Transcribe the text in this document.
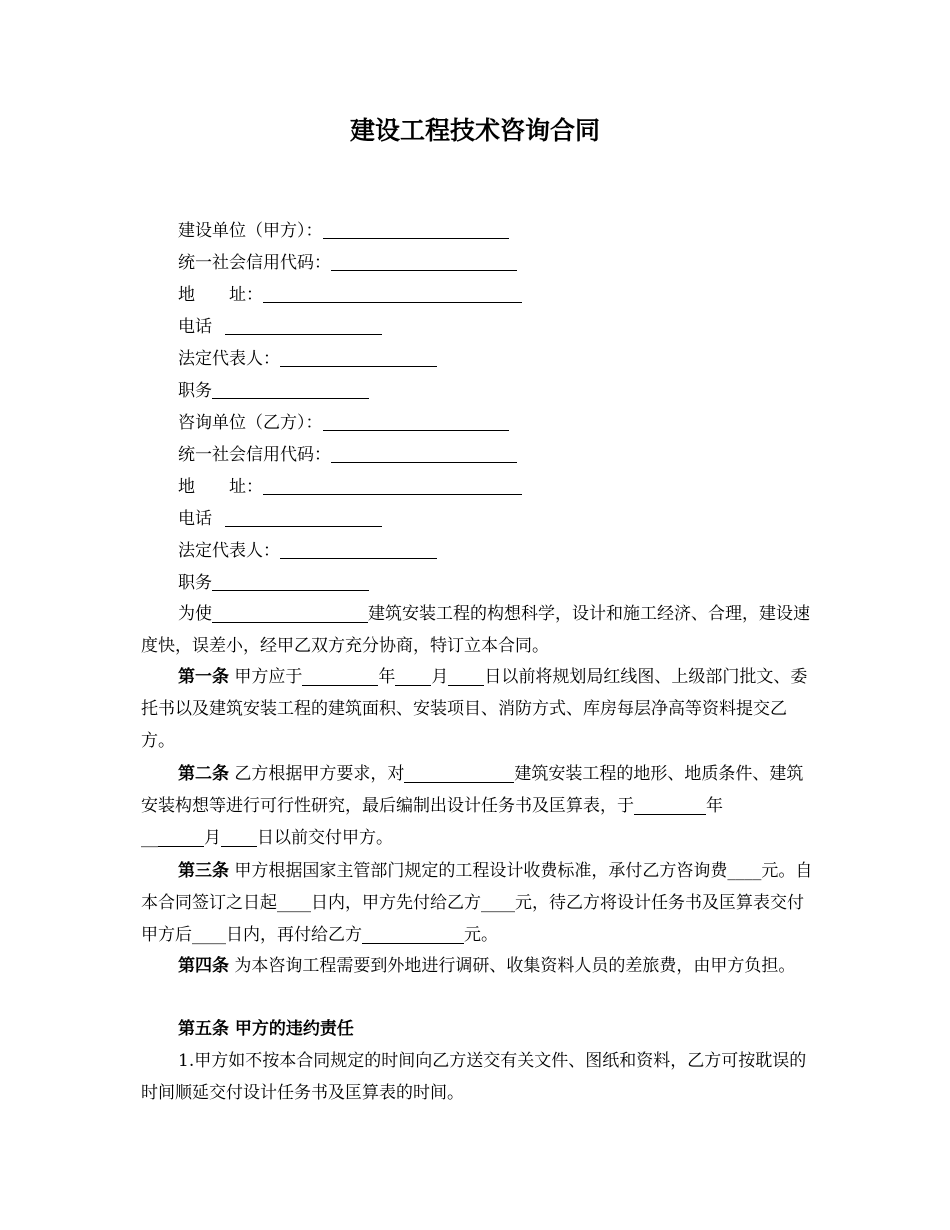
建设工程技术咨询合同
建设单位（甲方）：
统一社会信用代码：
地　　址：
电话
法定代表人：
职务
咨询单位（乙方）：
统一社会信用代码：
地　　址：
电话
法定代表人：
职务

为使	建筑安装工程的构想科学，设计和施工经济、合理，建设速度快，误差小，经甲乙双方充分协商，特订立本合同。

第一条 甲方应于	年 月 日以前将规划局红线图、上级部门批文、委托书以及建筑安装工程的建筑面积、安装项目、消防方式、库房每层净高等资料提交乙方。

第二条 乙方根据甲方要求，对	建筑安装工程的地形、地质条件、建筑安装构想等进行可行性研究，最后编制出设计任务书及匡算表，于	年
__	月 日以前交付甲方。

第三条 甲方根据国家主管部门规定的工程设计收费标准，承付乙方咨询费____元。自本合同签订之日起____日内，甲方先付给乙方____元，待乙方将设计任务书及匡算表交付甲方后____日内，再付给乙方	元。

第四条 为本咨询工程需要到外地进行调研、收集资料人员的差旅费，由甲方负担。

第五条 甲方的违约责任

1.甲方如不按本合同规定的时间向乙方送交有关文件、图纸和资料，乙方可按耽误的时间顺延交付设计任务书及匡算表的时间。
